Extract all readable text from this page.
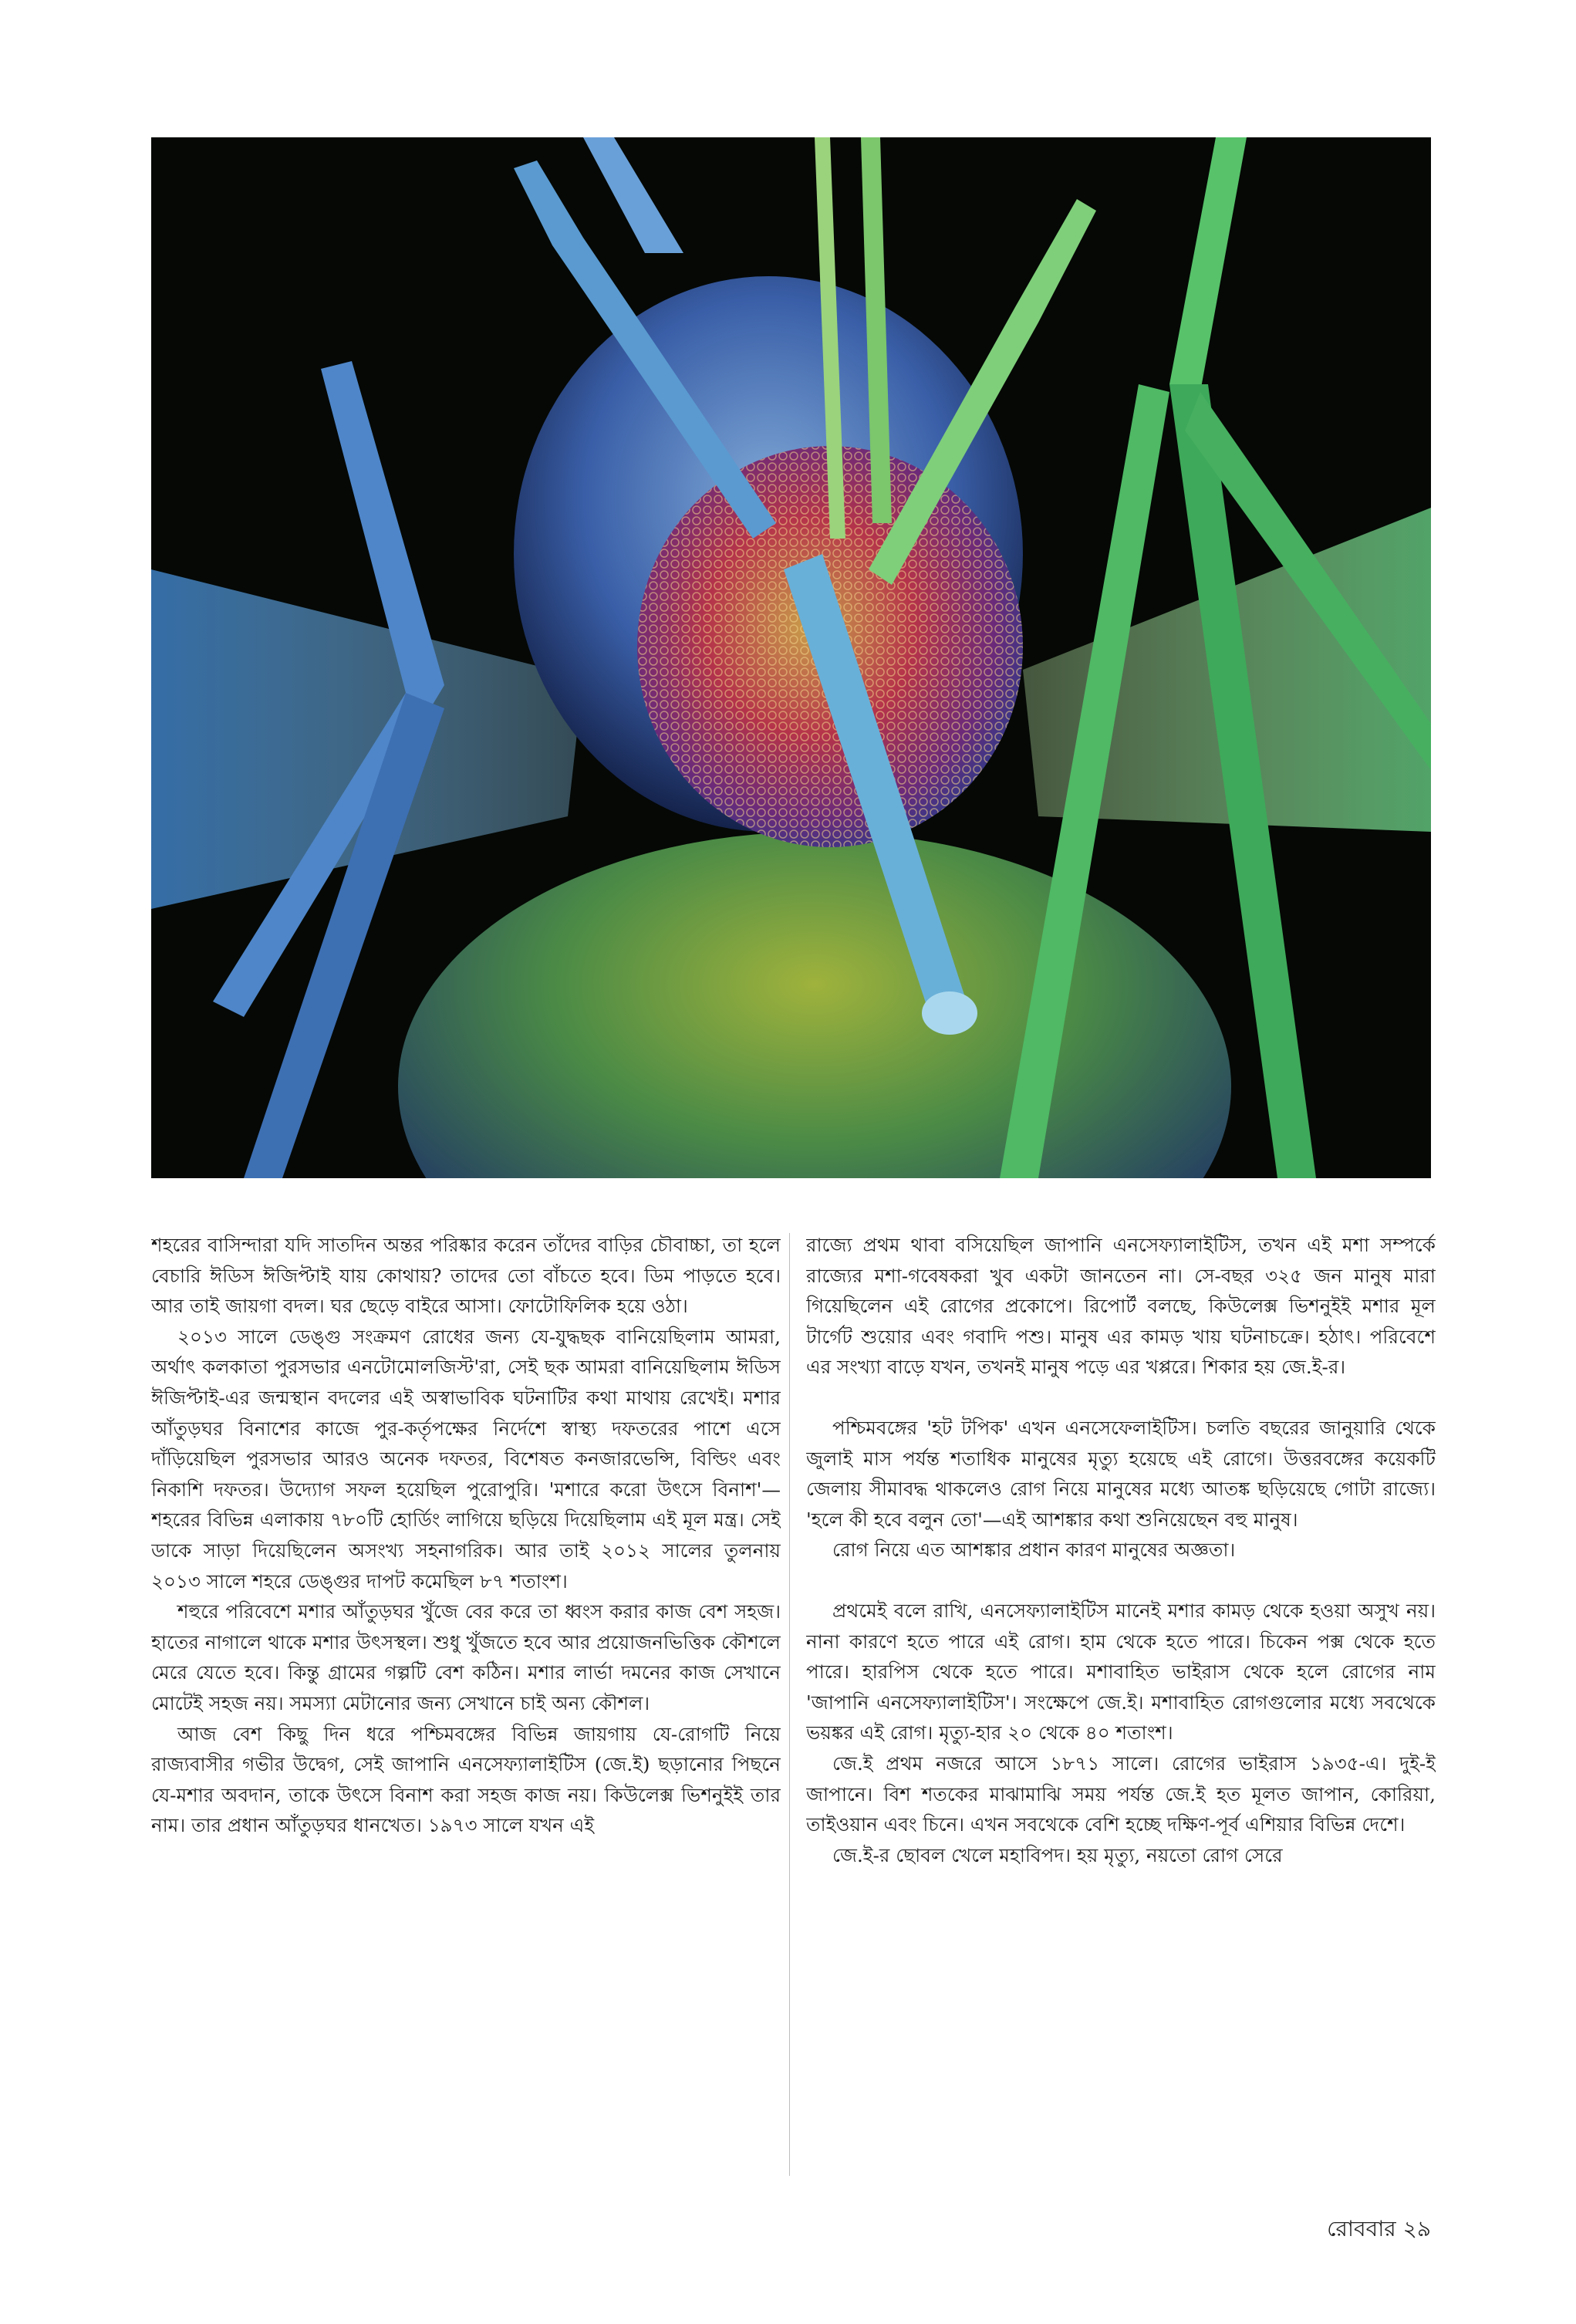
শহরের বাসিন্দারা যদি সাতদিন অন্তর পরিষ্কার করেন তাঁদের বাড়ির চৌবাচ্চা, তা হলে বেচারি ঈডিস ঈজিপ্টাই যায় কোথায়? তাদের তো বাঁচতে হবে। ডিম পাড়তে হবে। আর তাই জায়গা বদল। ঘর ছেড়ে বাইরে আসা। ফোটোফিলিক হয়ে ওঠা।

২০১৩ সালে ডেঙ্গু সংক্রমণ রোধের জন্য যে-যুদ্ধছক বানিয়েছিলাম আমরা, অর্থাৎ কলকাতা পুরসভার এনটোমোলজিস্ট'রা, সেই ছক আমরা বানিয়েছিলাম ঈডিস ঈজিপ্টাই-এর জন্মস্থান বদলের এই অস্বাভাবিক ঘটনাটির কথা মাথায় রেখেই। মশার আঁতুড়ঘর বিনাশের কাজে পুর-কর্তৃপক্ষের নির্দেশে স্বাস্থ্য দফতরের পাশে এসে দাঁড়িয়েছিল পুরসভার আরও অনেক দফতর, বিশেষত কনজারভেন্সি, বিল্ডিং এবং নিকাশি দফতর। উদ্যোগ সফল হয়েছিল পুরোপুরি। 'মশারে করো উৎসে বিনাশ'—শহরের বিভিন্ন এলাকায় ৭৮০টি হোর্ডিং লাগিয়ে ছড়িয়ে দিয়েছিলাম এই মূল মন্ত্র। সেই ডাকে সাড়া দিয়েছিলেন অসংখ্য সহনাগরিক। আর তাই ২০১২ সালের তুলনায় ২০১৩ সালে শহরে ডেঙ্গুর দাপট কমেছিল ৮৭ শতাংশ।

শহুরে পরিবেশে মশার আঁতুড়ঘর খুঁজে বের করে তা ধ্বংস করার কাজ বেশ সহজ। হাতের নাগালে থাকে মশার উৎসস্থল। শুধু খুঁজতে হবে আর প্রয়োজনভিত্তিক কৌশলে মেরে যেতে হবে। কিন্তু গ্রামের গল্পটি বেশ কঠিন। মশার লার্ভা দমনের কাজ সেখানে মোটেই সহজ নয়। সমস্যা মেটানোর জন্য সেখানে চাই অন্য কৌশল।

আজ বেশ কিছু দিন ধরে পশ্চিমবঙ্গের বিভিন্ন জায়গায় যে-রোগটি নিয়ে রাজ্যবাসীর গভীর উদ্বেগ, সেই জাপানি এনসেফ্যালাইটিস (জে.ই) ছড়ানোর পিছনে যে-মশার অবদান, তাকে উৎসে বিনাশ করা সহজ কাজ নয়। কিউলেক্স ভিশনুইই তার নাম। তার প্রধান আঁতুড়ঘর ধানখেত। ১৯৭৩ সালে যখন এই

রাজ্যে প্রথম থাবা বসিয়েছিল জাপানি এনসেফ্যালাইটিস, তখন এই মশা সম্পর্কে রাজ্যের মশা-গবেষকরা খুব একটা জানতেন না। সে-বছর ৩২৫ জন মানুষ মারা গিয়েছিলেন এই রোগের প্রকোপে। রিপোর্ট বলছে, কিউলেক্স ভিশনুইই মশার মূল টার্গেট শুয়োর এবং গবাদি পশু। মানুষ এর কামড় খায় ঘটনাচক্রে। হঠাৎ। পরিবেশে এর সংখ্যা বাড়ে যখন, তখনই মানুষ পড়ে এর খপ্পরে। শিকার হয় জে.ই-র।

পশ্চিমবঙ্গের 'হট টপিক' এখন এনসেফেলাইটিস। চলতি বছরের জানুয়ারি থেকে জুলাই মাস পর্যন্ত শতাধিক মানুষের মৃত্যু হয়েছে এই রোগে। উত্তরবঙ্গের কয়েকটি জেলায় সীমাবদ্ধ থাকলেও রোগ নিয়ে মানুষের মধ্যে আতঙ্ক ছড়িয়েছে গোটা রাজ্যে। 'হলে কী হবে বলুন তো'—এই আশঙ্কার কথা শুনিয়েছেন বহু মানুষ।

রোগ নিয়ে এত আশঙ্কার প্রধান কারণ মানুষের অজ্ঞতা।

প্রথমেই বলে রাখি, এনসেফ্যালাইটিস মানেই মশার কামড় থেকে হওয়া অসুখ নয়। নানা কারণে হতে পারে এই রোগ। হাম থেকে হতে পারে। চিকেন পক্স থেকে হতে পারে। হারপিস থেকে হতে পারে। মশাবাহিত ভাইরাস থেকে হলে রোগের নাম 'জাপানি এনসেফ্যালাইটিস'। সংক্ষেপে জে.ই। মশাবাহিত রোগগুলোর মধ্যে সবথেকে ভয়ঙ্কর এই রোগ। মৃত্যু-হার ২০ থেকে ৪০ শতাংশ।

জে.ই প্রথম নজরে আসে ১৮৭১ সালে। রোগের ভাইরাস ১৯৩৫-এ। দুই-ই জাপানে। বিশ শতকের মাঝামাঝি সময় পর্যন্ত জে.ই হত মূলত জাপান, কোরিয়া, তাইওয়ান এবং চিনে। এখন সবথেকে বেশি হচ্ছে দক্ষিণ-পূর্ব এশিয়ার বিভিন্ন দেশে।

জে.ই-র ছোবল খেলে মহাবিপদ। হয় মৃত্যু, নয়তো রোগ সেরে

রোববার ২৯
